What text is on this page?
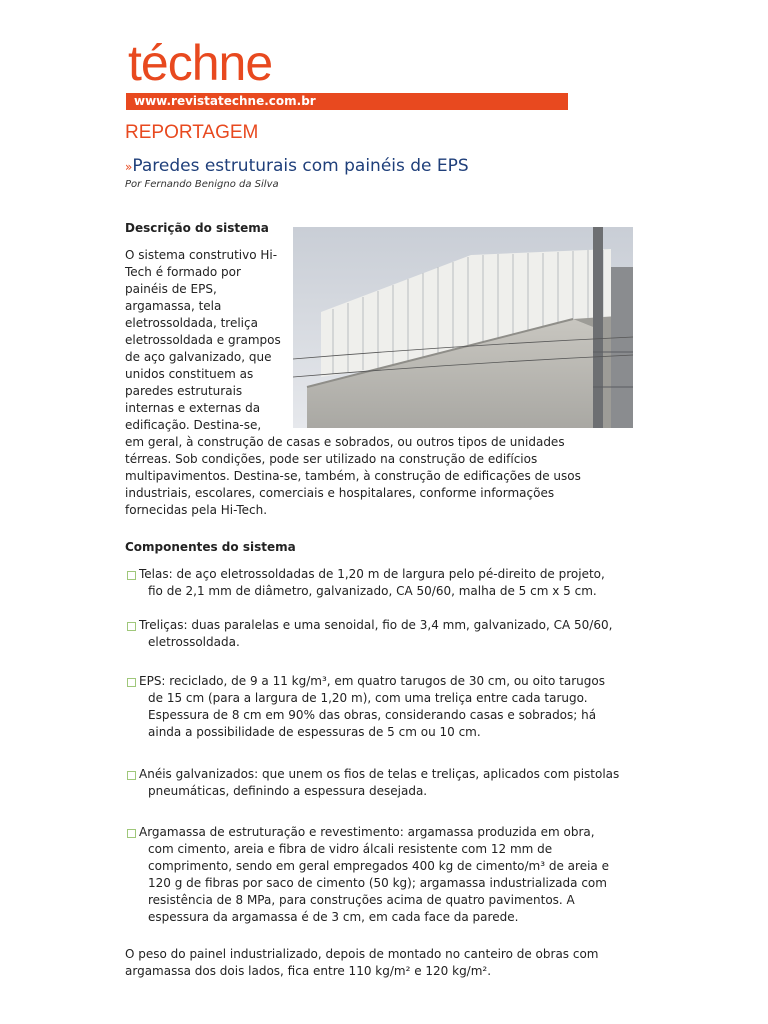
téchne
www.revistatechne.com.br
REPORTAGEM
»Paredes estruturais com painéis de EPS
Por Fernando Benigno da Silva
Descrição do sistema
O sistema construtivo Hi-
Tech é formado por
painéis de EPS,
argamassa, tela
eletrossoldada, treliça
eletrossoldada e grampos
de aço galvanizado, que
unidos constituem as
paredes estruturais
internas e externas da
edificação. Destina-se,
em geral, à construção de casas e sobrados, ou outros tipos de unidades
térreas. Sob condições, pode ser utilizado na construção de edifícios
multipavimentos. Destina-se, também, à construção de edificações de usos
industriais, escolares, comerciais e hospitalares, conforme informações
fornecidas pela Hi-Tech.
Componentes do sistema
Telas: de aço eletrossoldadas de 1,20 m de largura pelo pé-direito de projeto,
fio de 2,1 mm de diâmetro, galvanizado, CA 50/60, malha de 5 cm x 5 cm.
Treliças: duas paralelas e uma senoidal, fio de 3,4 mm, galvanizado, CA 50/60,
eletrossoldada.
EPS: reciclado, de 9 a 11 kg/m³, em quatro tarugos de 30 cm, ou oito tarugos
de 15 cm (para a largura de 1,20 m), com uma treliça entre cada tarugo.
Espessura de 8 cm em 90% das obras, considerando casas e sobrados; há
ainda a possibilidade de espessuras de 5 cm ou 10 cm.
Anéis galvanizados: que unem os fios de telas e treliças, aplicados com pistolas
pneumáticas, definindo a espessura desejada.
Argamassa de estruturação e revestimento: argamassa produzida em obra,
com cimento, areia e fibra de vidro álcali resistente com 12 mm de
comprimento, sendo em geral empregados 400 kg de cimento/m³ de areia e
120 g de fibras por saco de cimento (50 kg); argamassa industrializada com
resistência de 8 MPa, para construções acima de quatro pavimentos. A
espessura da argamassa é de 3 cm, em cada face da parede.
O peso do painel industrializado, depois de montado no canteiro de obras com
argamassa dos dois lados, fica entre 110 kg/m² e 120 kg/m².
